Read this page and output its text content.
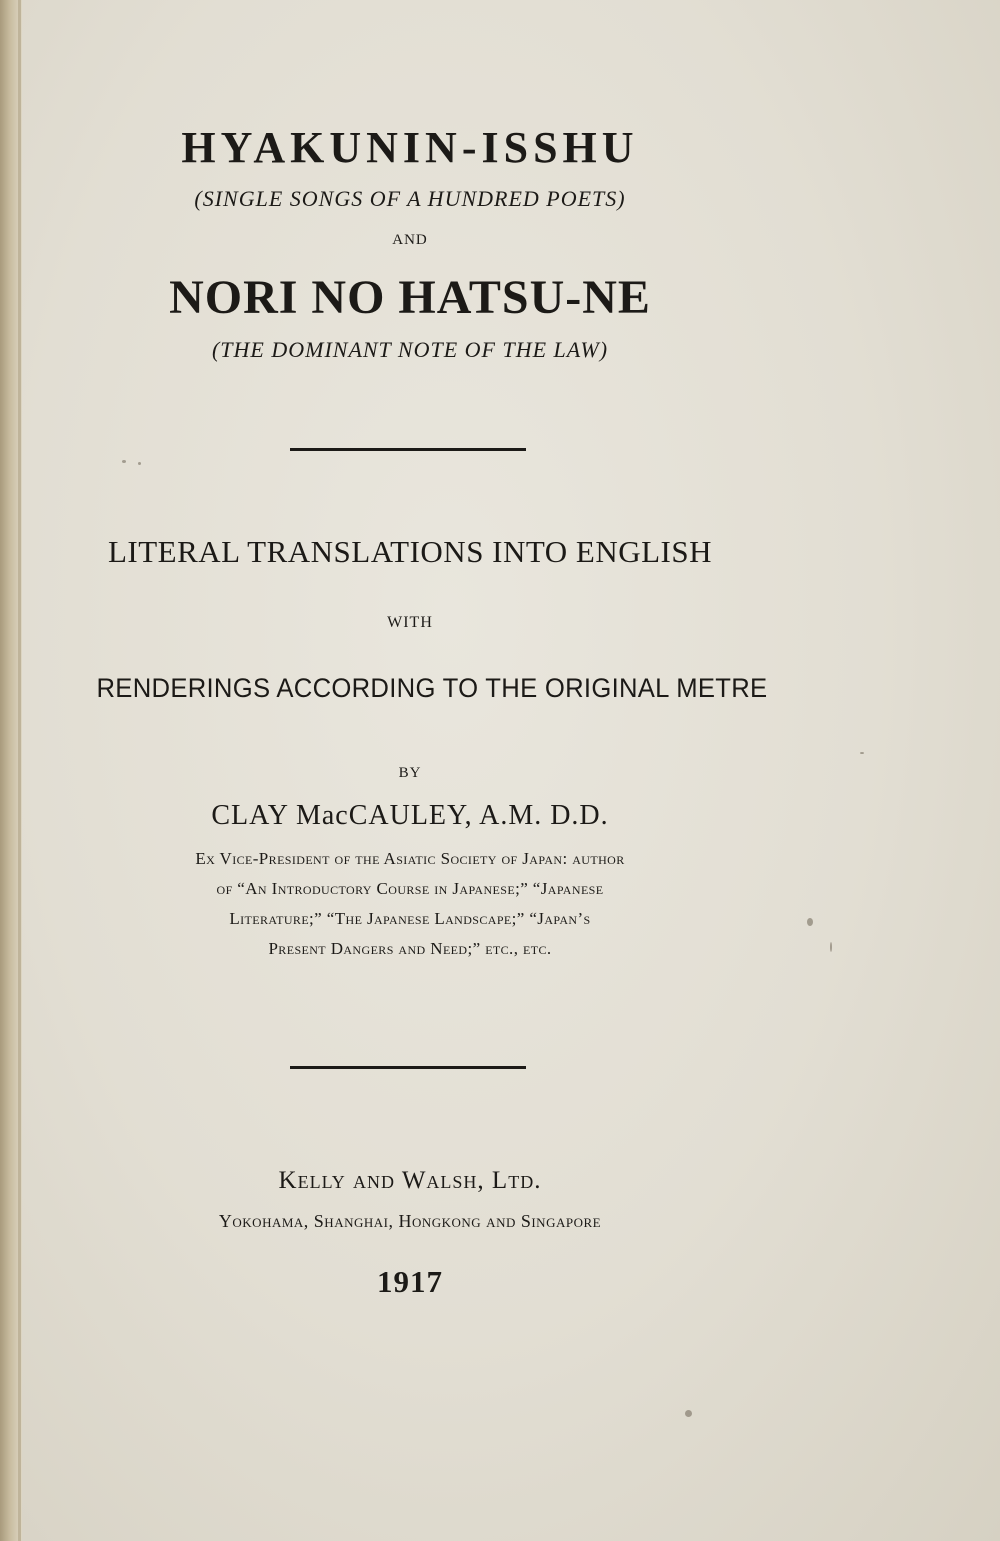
HYAKUNIN-ISSHU
(SINGLE SONGS OF A HUNDRED POETS)
AND
NORI NO HATSU-NE
(THE DOMINANT NOTE OF THE LAW)
LITERAL TRANSLATIONS INTO ENGLISH
WITH
RENDERINGS ACCORDING TO THE ORIGINAL METRE
BY
CLAY MacCAULEY, A.M. D.D.
Ex Vice-President of the Asiatic Society of Japan: author
of “An Introductory Course in Japanese;” “Japanese
Literature;” “The Japanese Landscape;” “Japan’s
Present Dangers and Need;” etc., etc.
Kelly and Walsh, Ltd.
Yokohama, Shanghai, Hongkong and Singapore
1917
